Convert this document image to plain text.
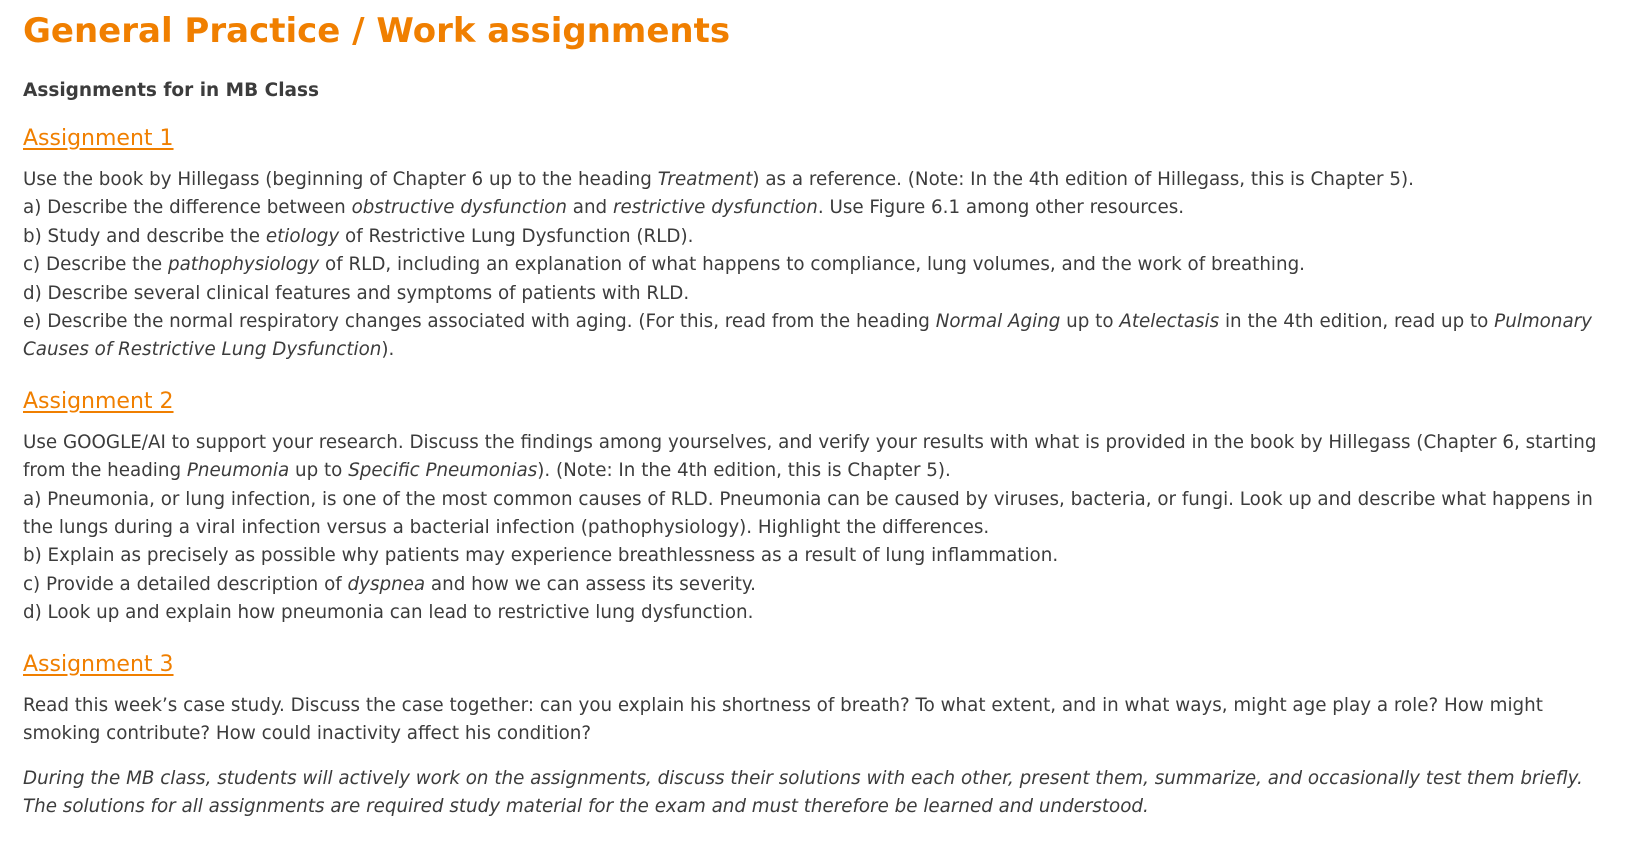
General Practice / Work assignments
Assignments for in MB Class
Assignment 1

Use the book by Hillegass (beginning of Chapter 6 up to the heading Treatment) as a reference. (Note: In the 4th edition of Hillegass, this is Chapter 5).

a) Describe the difference between obstructive dysfunction and restrictive dysfunction. Use Figure 6.1 among other resources.

b) Study and describe the etiology of Restrictive Lung Dysfunction (RLD).

c) Describe the pathophysiology of RLD, including an explanation of what happens to compliance, lung volumes, and the work of breathing.

d) Describe several clinical features and symptoms of patients with RLD.

e) Describe the normal respiratory changes associated with aging. (For this, read from the heading Normal Aging up to Atelectasis in the 4th edition, read up to Pulmonary Causes of Restrictive Lung Dysfunction).

Assignment 2

Use GOOGLE/AI to support your research. Discuss the findings among yourselves, and verify your results with what is provided in the book by Hillegass (Chapter 6, starting from the heading Pneumonia up to Specific Pneumonias). (Note: In the 4th edition, this is Chapter 5).

a) Pneumonia, or lung infection, is one of the most common causes of RLD. Pneumonia can be caused by viruses, bacteria, or fungi. Look up and describe what happens in the lungs during a viral infection versus a bacterial infection (pathophysiology). Highlight the differences.

b) Explain as precisely as possible why patients may experience breathlessness as a result of lung inflammation.

c) Provide a detailed description of dyspnea and how we can assess its severity.

d) Look up and explain how pneumonia can lead to restrictive lung dysfunction.

Assignment 3

Read this week’s case study. Discuss the case together: can you explain his shortness of breath? To what extent, and in what ways, might age play a role? How might smoking contribute? How could inactivity affect his condition?

During the MB class, students will actively work on the assignments, discuss their solutions with each other, present them, summarize, and occasionally test them briefly. The solutions for all assignments are required study material for the exam and must therefore be learned and understood.
